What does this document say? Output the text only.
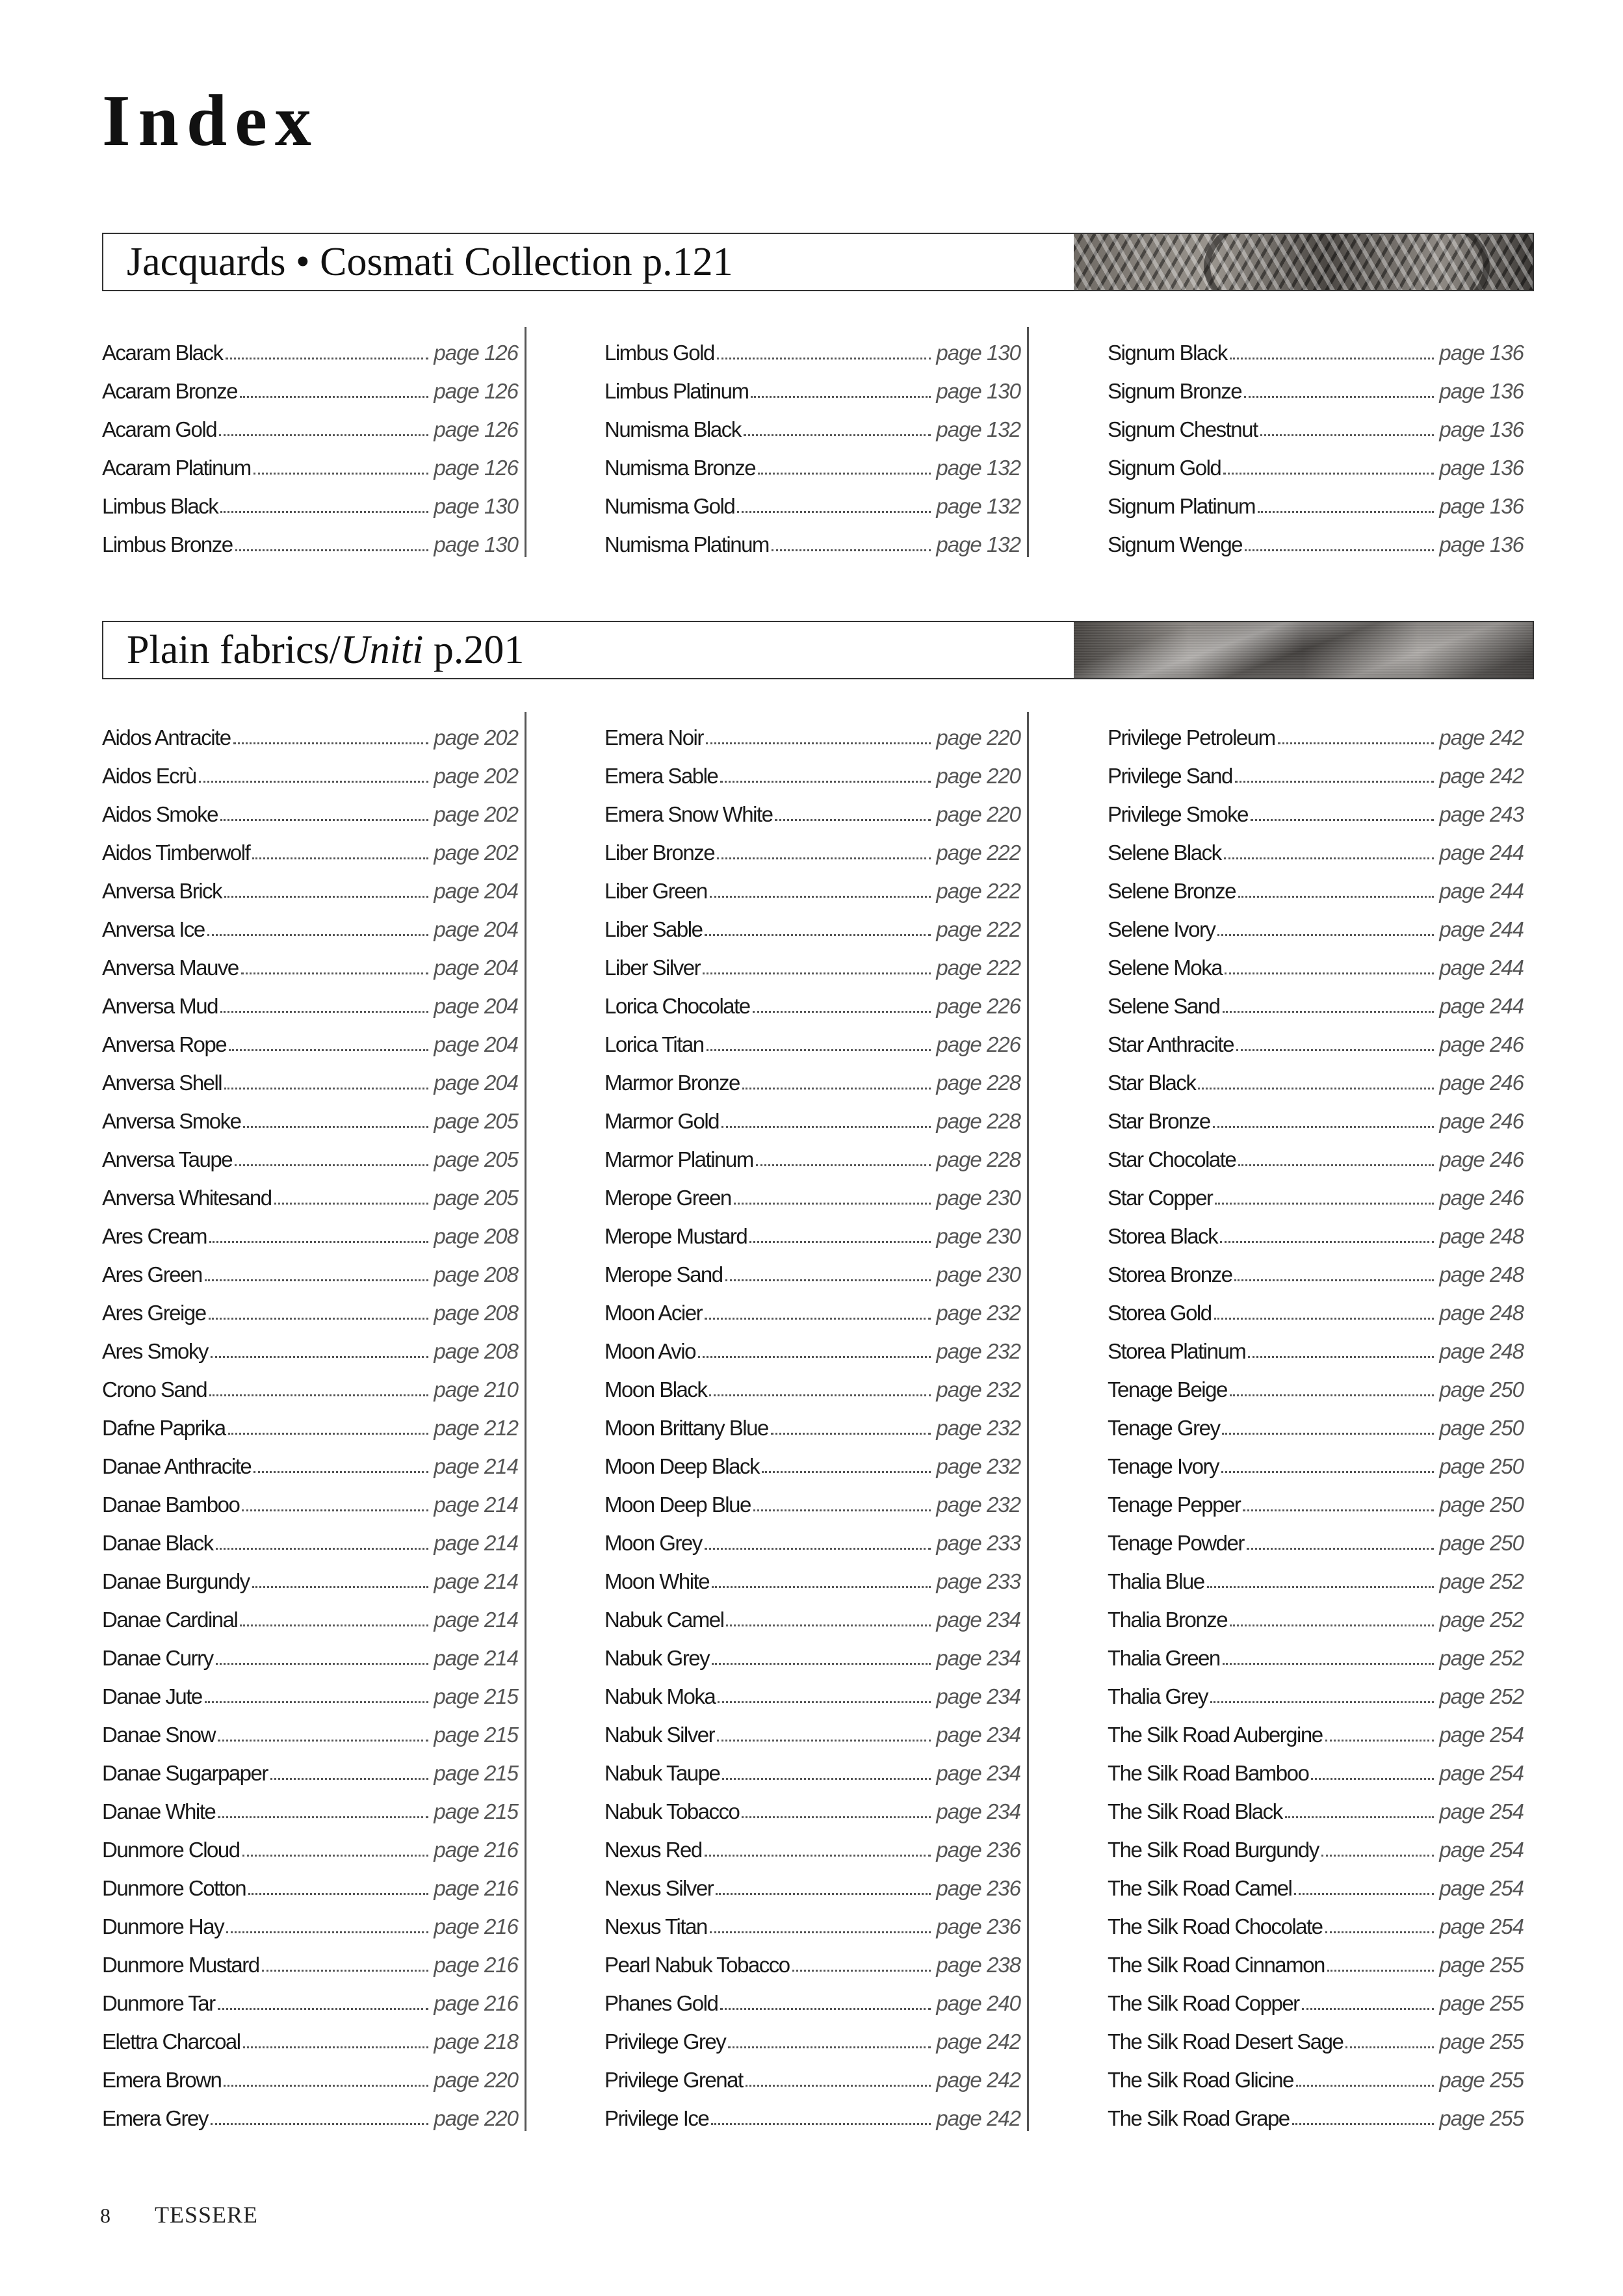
Index
Jacquards • Cosmati Collection p.121
Acaram Black	page 126
Acaram Bronze	page 126
Acaram Gold	page 126
Acaram Platinum	page 126
Limbus Black	page 130
Limbus Bronze	page 130
Limbus Gold	page 130
Limbus Platinum	page 130
Numisma Black	page 132
Numisma Bronze	page 132
Numisma Gold	page 132
Numisma Platinum	page 132
Signum Black	page 136
Signum Bronze	page 136
Signum Chestnut	page 136
Signum Gold	page 136
Signum Platinum	page 136
Signum Wenge	page 136
Plain fabrics/Uniti p.201
Aidos Antracite	page 202
Aidos Ecrù	page 202
Aidos Smoke	page 202
Aidos Timberwolf	page 202
Anversa Brick	page 204
Anversa Ice	page 204
Anversa Mauve	page 204
Anversa Mud	page 204
Anversa Rope	page 204
Anversa Shell	page 204
Anversa Smoke	page 205
Anversa Taupe	page 205
Anversa Whitesand	page 205
Ares Cream	page 208
Ares Green	page 208
Ares Greige	page 208
Ares Smoky	page 208
Crono Sand	page 210
Dafne Paprika	page 212
Danae Anthracite	page 214
Danae Bamboo	page 214
Danae Black	page 214
Danae Burgundy	page 214
Danae Cardinal	page 214
Danae Curry	page 214
Danae Jute	page 215
Danae Snow	page 215
Danae Sugarpaper	page 215
Danae White	page 215
Dunmore Cloud	page 216
Dunmore Cotton	page 216
Dunmore Hay	page 216
Dunmore Mustard	page 216
Dunmore Tar	page 216
Elettra Charcoal	page 218
Emera Brown	page 220
Emera Grey	page 220
Emera Noir	page 220
Emera Sable	page 220
Emera Snow White	page 220
Liber Bronze	page 222
Liber Green	page 222
Liber Sable	page 222
Liber Silver	page 222
Lorica Chocolate	page 226
Lorica Titan	page 226
Marmor Bronze	page 228
Marmor Gold	page 228
Marmor Platinum	page 228
Merope Green	page 230
Merope Mustard	page 230
Merope Sand	page 230
Moon Acier	page 232
Moon Avio	page 232
Moon Black	page 232
Moon Brittany Blue	page 232
Moon Deep Black	page 232
Moon Deep Blue	page 232
Moon Grey	page 233
Moon White	page 233
Nabuk Camel	page 234
Nabuk Grey	page 234
Nabuk Moka	page 234
Nabuk Silver	page 234
Nabuk Taupe	page 234
Nabuk Tobacco	page 234
Nexus Red	page 236
Nexus Silver	page 236
Nexus Titan	page 236
Pearl Nabuk Tobacco	page 238
Phanes Gold	page 240
Privilege Grey	page 242
Privilege Grenat	page 242
Privilege Ice	page 242
Privilege Petroleum	page 242
Privilege Sand	page 242
Privilege Smoke	page 243
Selene Black	page 244
Selene Bronze	page 244
Selene Ivory	page 244
Selene Moka	page 244
Selene Sand	page 244
Star Anthracite	page 246
Star Black	page 246
Star Bronze	page 246
Star Chocolate	page 246
Star Copper	page 246
Storea Black	page 248
Storea Bronze	page 248
Storea Gold	page 248
Storea Platinum	page 248
Tenage Beige	page 250
Tenage Grey	page 250
Tenage Ivory	page 250
Tenage Pepper	page 250
Tenage Powder	page 250
Thalia Blue	page 252
Thalia Bronze	page 252
Thalia Green	page 252
Thalia Grey	page 252
The Silk Road Aubergine	page 254
The Silk Road Bamboo	page 254
The Silk Road Black	page 254
The Silk Road Burgundy	page 254
The Silk Road Camel	page 254
The Silk Road Chocolate	page 254
The Silk Road Cinnamon	page 255
The Silk Road Copper	page 255
The Silk Road Desert Sage	page 255
The Silk Road Glicine	page 255
The Silk Road Grape	page 255
8 TESSERE
